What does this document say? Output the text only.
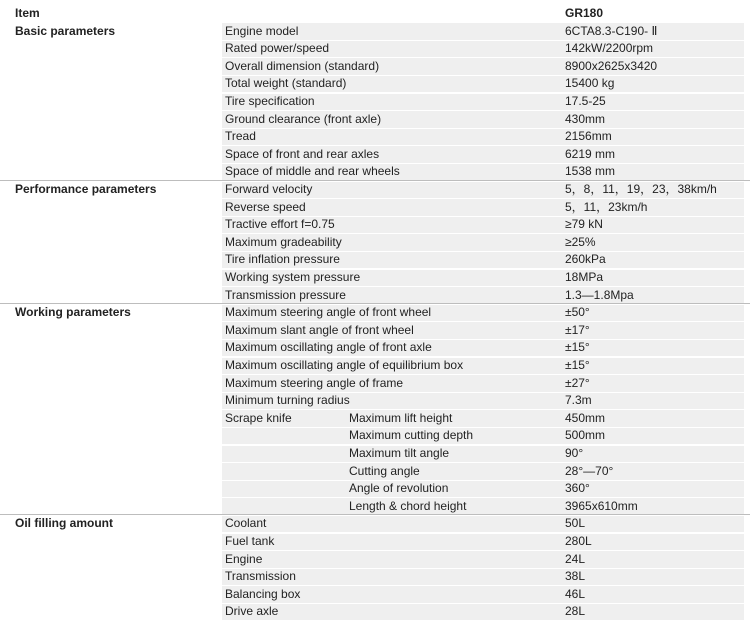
Item	GR180
Basic parameters	Engine model	6CTA8.3-C190- Ⅱ
Rated power/speed	142kW/2200rpm
Overall dimension (standard)	8900x2625x3420
Total weight (standard)	15400 kg
Tire specification	17.5-25
Ground clearance (front axle)	430mm
Tread	2156mm
Space of front and rear axles	6219 mm
Space of middle and rear wheels	1538 mm
Performance parameters	Forward velocity	5，8，11，19，23，38km/h
Reverse speed	5，11，23km/h
Tractive effort f=0.75	≥79 kN
Maximum gradeability	≥25%
Tire inflation pressure	260kPa
Working system pressure	18MPa
Transmission pressure	1.3—1.8Mpa
Working parameters	Maximum steering angle of front wheel	±50°
Maximum slant angle of front wheel	±17°
Maximum oscillating angle of front axle	±15°
Maximum oscillating angle of equilibrium box	±15°
Maximum steering angle of frame	±27°
Minimum turning radius	7.3m
Scrape knife	Maximum lift height	450mm
Maximum cutting depth	500mm
Maximum tilt angle	90°
Cutting angle	28°—70°
Angle of revolution	360°
Length & chord height	3965x610mm
Oil filling amount	Coolant	50L
Fuel tank	280L
Engine	24L
Transmission	38L
Balancing box	46L
Drive axle	28L
